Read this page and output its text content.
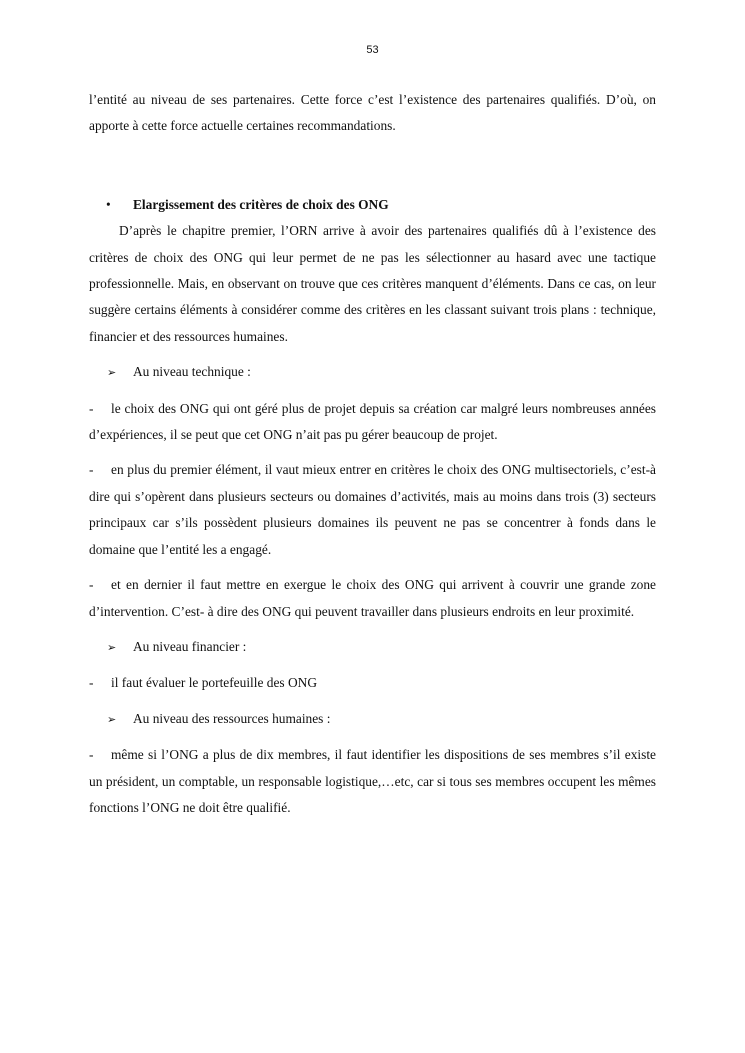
53

l’entité au niveau de ses partenaires. Cette force c’est l’existence des partenaires qualifiés. D’où, on apporte à cette force actuelle certaines recommandations.

•	Elargissement des critères de choix des ONG

D’après le chapitre premier, l’ORN arrive à avoir des partenaires qualifiés dû à l’existence des critères de choix des ONG qui leur permet de ne pas les sélectionner au hasard avec une tactique professionnelle. Mais, en observant on trouve que ces critères manquent d’éléments. Dans ce cas, on leur suggère certains éléments à considérer comme des critères en les classant suivant trois plans : technique, financier et des ressources humaines.

➢	Au niveau technique :

- le choix des ONG qui ont géré plus de projet depuis sa création car malgré leurs nombreuses années d’expériences, il se peut que cet ONG n’ait pas pu gérer beaucoup de projet.

- en plus du premier élément, il vaut mieux entrer en critères le choix des ONG multisectoriels, c’est-à dire qui s’opèrent dans plusieurs secteurs ou domaines d’activités, mais au moins dans trois (3) secteurs principaux car s’ils possèdent plusieurs domaines ils peuvent ne pas se concentrer à fonds dans le domaine que l’entité les a engagé.

- et en dernier il faut mettre en exergue le choix des ONG qui arrivent à couvrir une grande zone d’intervention. C’est- à dire des ONG qui peuvent travailler dans plusieurs endroits en leur proximité.

➢	Au niveau financier :

- il faut évaluer le portefeuille des ONG

➢	Au niveau des ressources humaines :

- même si l’ONG a plus de dix membres, il faut identifier les dispositions de ses membres s’il existe un président, un comptable, un responsable logistique,…etc, car si tous ses membres occupent les mêmes fonctions l’ONG ne doit être qualifié.
